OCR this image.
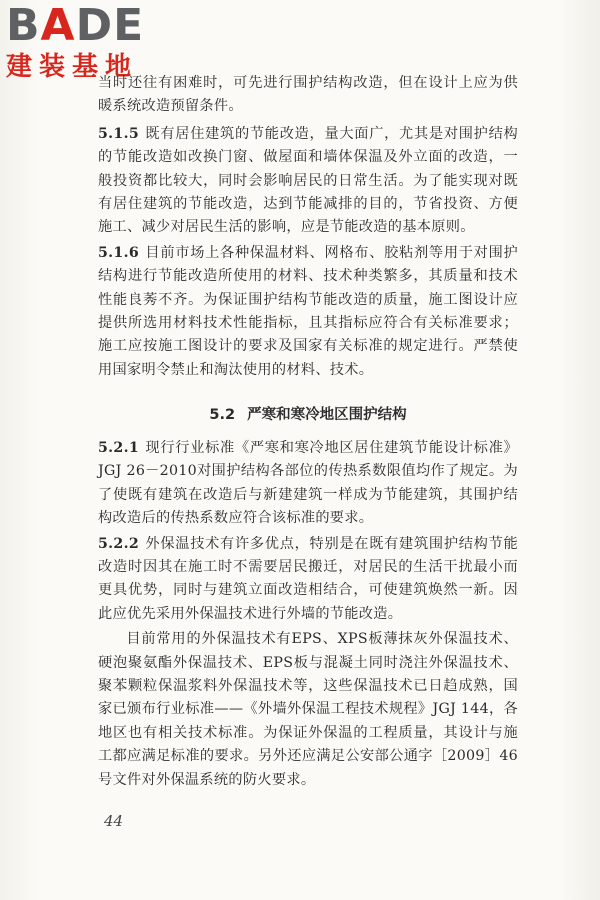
BADE
建装基地

当时还往有困难时，可先进行围护结构改造，但在设计上应为供暖系统改造预留条件。

5.1.5 既有居住建筑的节能改造，量大面广，尤其是对围护结构的节能改造如改换门窗、做屋面和墙体保温及外立面的改造，一般投资都比较大，同时会影响居民的日常生活。为了能实现对既有居住建筑的节能改造，达到节能减排的目的，节省投资、方便施工、减少对居民生活的影响，应是节能改造的基本原则。

5.1.6 目前市场上各种保温材料、网格布、胶粘剂等用于对围护结构进行节能改造所使用的材料、技术种类繁多，其质量和技术性能良莠不齐。为保证围护结构节能改造的质量，施工图设计应提供所选用材料技术性能指标，且其指标应符合有关标准要求；施工应按施工图设计的要求及国家有关标准的规定进行。严禁使用国家明令禁止和淘汰使用的材料、技术。

5.2 严寒和寒冷地区围护结构

5.2.1 现行行业标准《严寒和寒冷地区居住建筑节能设计标准》JGJ 26－2010对围护结构各部位的传热系数限值均作了规定。为了使既有建筑在改造后与新建建筑一样成为节能建筑，其围护结构改造后的传热系数应符合该标准的要求。

5.2.2 外保温技术有许多优点，特别是在既有建筑围护结构节能改造时因其在施工时不需要居民搬迁，对居民的生活干扰最小而更具优势，同时与建筑立面改造相结合，可使建筑焕然一新。因此应优先采用外保温技术进行外墙的节能改造。

目前常用的外保温技术有EPS、XPS板薄抹灰外保温技术、硬泡聚氨酯外保温技术、EPS板与混凝土同时浇注外保温技术、聚苯颗粒保温浆料外保温技术等，这些保温技术已日趋成熟，国家已颁布行业标准——《外墙外保温工程技术规程》JGJ 144，各地区也有相关技术标准。为保证外保温的工程质量，其设计与施工都应满足标准的要求。另外还应满足公安部公通字［2009］46号文件对外保温系统的防火要求。

44
